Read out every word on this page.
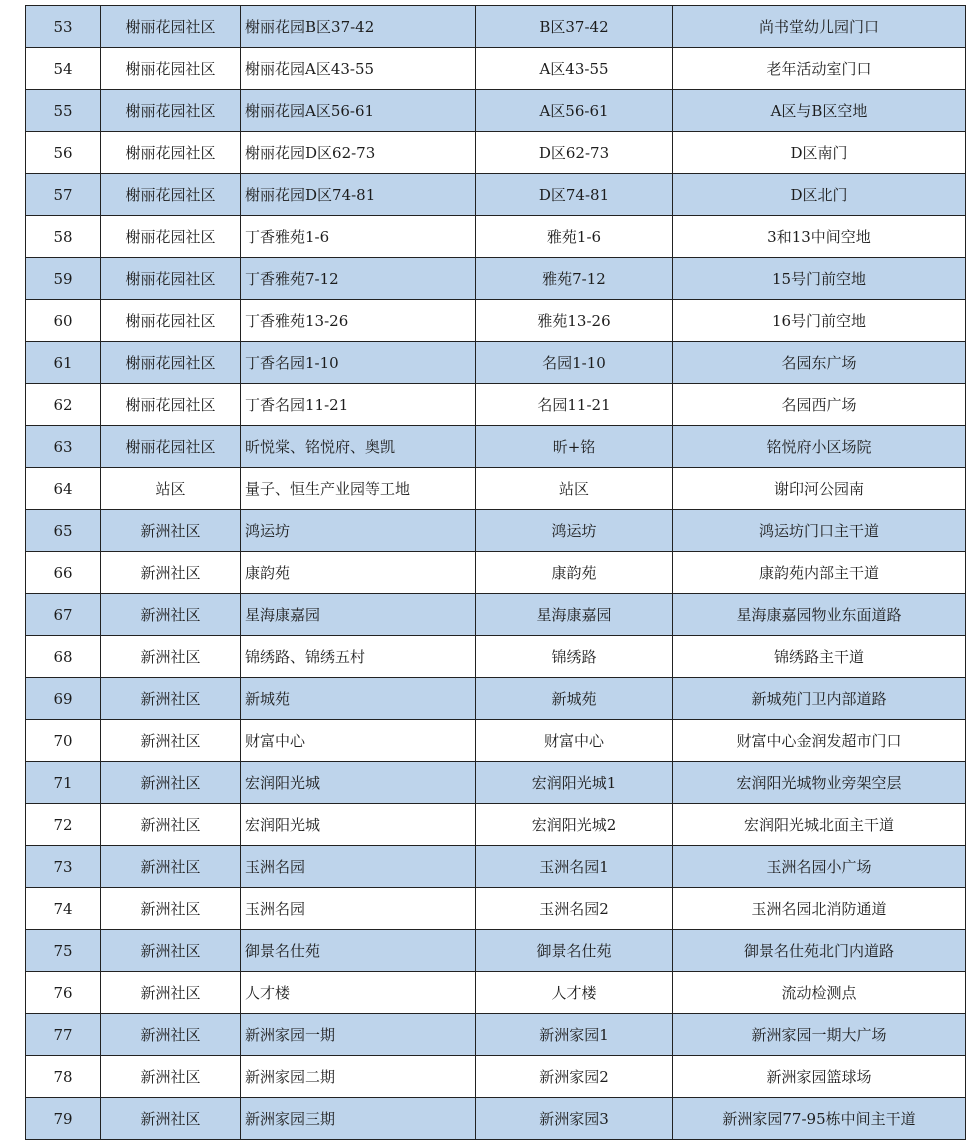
53	榭丽花园社区	榭丽花园B区37-42	B区37-42	尚书堂幼儿园门口
54	榭丽花园社区	榭丽花园A区43-55	A区43-55	老年活动室门口
55	榭丽花园社区	榭丽花园A区56-61	A区56-61	A区与B区空地
56	榭丽花园社区	榭丽花园D区62-73	D区62-73	D区南门
57	榭丽花园社区	榭丽花园D区74-81	D区74-81	D区北门
58	榭丽花园社区	丁香雅苑1-6	雅苑1-6	3和13中间空地
59	榭丽花园社区	丁香雅苑7-12	雅苑7-12	15号门前空地
60	榭丽花园社区	丁香雅苑13-26	雅苑13-26	16号门前空地
61	榭丽花园社区	丁香名园1-10	名园1-10	名园东广场
62	榭丽花园社区	丁香名园11-21	名园11-21	名园西广场
63	榭丽花园社区	昕悦棠、铭悦府、奥凯	昕+铭	铭悦府小区场院
64	站区	量子、恒生产业园等工地	站区	谢印河公园南
65	新洲社区	鸿运坊	鸿运坊	鸿运坊门口主干道
66	新洲社区	康韵苑	康韵苑	康韵苑内部主干道
67	新洲社区	星海康嘉园	星海康嘉园	星海康嘉园物业东面道路
68	新洲社区	锦绣路、锦绣五村	锦绣路	锦绣路主干道
69	新洲社区	新城苑	新城苑	新城苑门卫内部道路
70	新洲社区	财富中心	财富中心	财富中心金润发超市门口
71	新洲社区	宏润阳光城	宏润阳光城1	宏润阳光城物业旁架空层
72	新洲社区	宏润阳光城	宏润阳光城2	宏润阳光城北面主干道
73	新洲社区	玉洲名园	玉洲名园1	玉洲名园小广场
74	新洲社区	玉洲名园	玉洲名园2	玉洲名园北消防通道
75	新洲社区	御景名仕苑	御景名仕苑	御景名仕苑北门内道路
76	新洲社区	人才楼	人才楼	流动检测点
77	新洲社区	新洲家园一期	新洲家园1	新洲家园一期大广场
78	新洲社区	新洲家园二期	新洲家园2	新洲家园篮球场
79	新洲社区	新洲家园三期	新洲家园3	新洲家园77-95栋中间主干道
